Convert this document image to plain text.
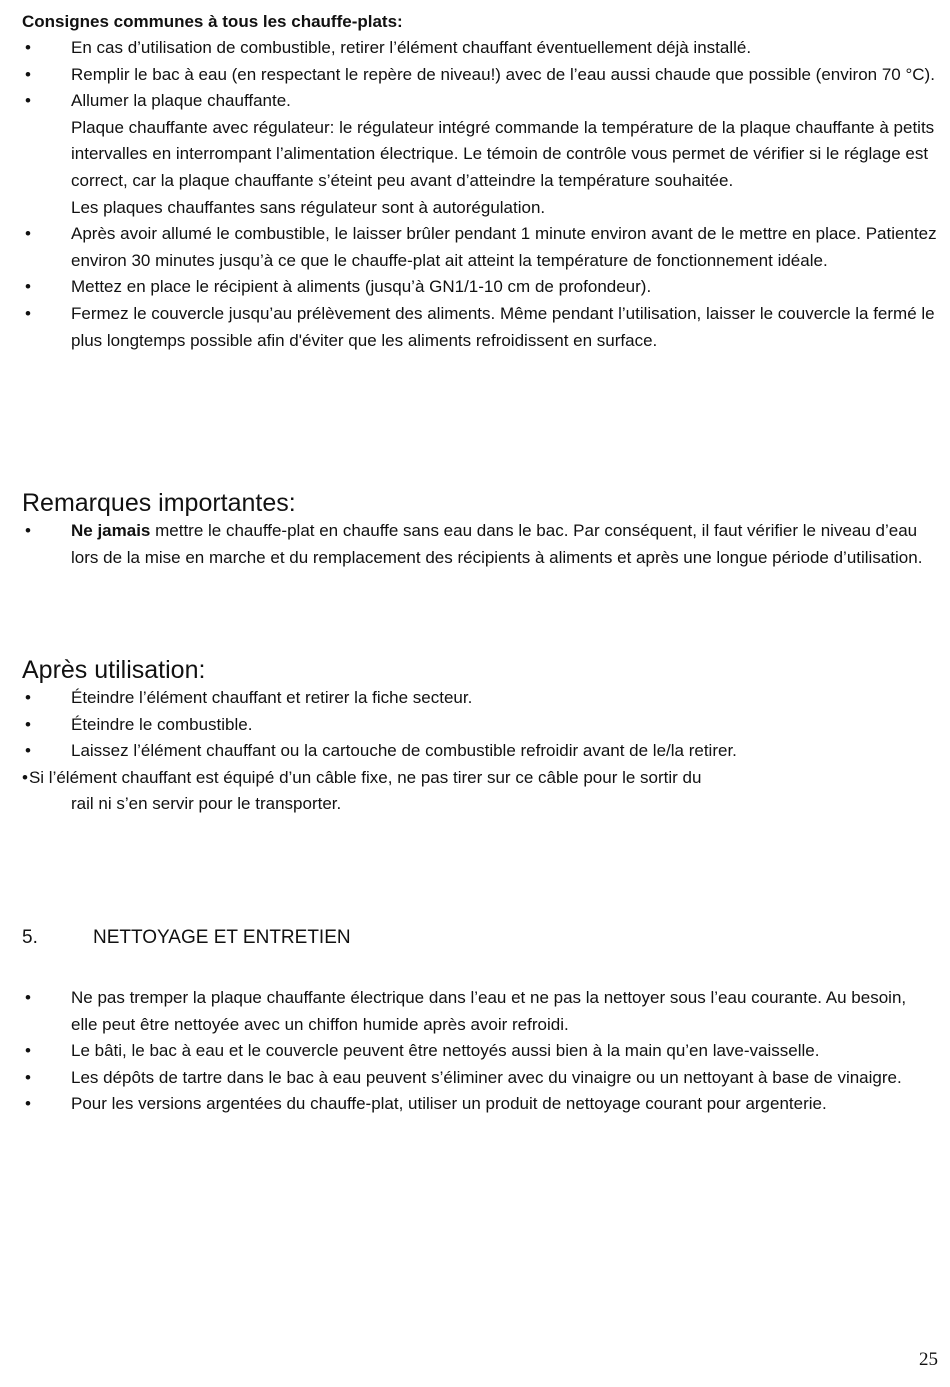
Consignes communes à tous les chauffe-plats:

• En cas d’utilisation de combustible, retirer l’élément chauffant éventuellement déjà installé.
• Remplir le bac à eau (en respectant le repère de niveau!) avec de l’eau aussi chaude que possible (environ 70 °C).
• Allumer la plaque chauffante.
Plaque chauffante avec régulateur: le régulateur intégré commande la température de la plaque chauffante à petits intervalles en interrompant l’alimentation électrique. Le témoin de contrôle vous permet de vérifier si le réglage est correct, car la plaque chauffante s’éteint peu avant d’atteindre la température souhaitée.
Les plaques chauffantes sans régulateur sont à autorégulation.
• Après avoir allumé le combustible, le laisser brûler pendant 1 minute environ avant de le mettre en place. Patientez environ 30 minutes jusqu’à ce que le chauffe-plat ait atteint la température de fonctionnement idéale.
• Mettez en place le récipient à aliments (jusqu’à GN1/1-10 cm de profondeur).
• Fermez le couvercle jusqu’au prélèvement des aliments. Même pendant l’utilisation, laisser le couvercle la fermé le plus longtemps possible afin d'éviter que les aliments refroidissent en surface.
Remarques importantes:
• Ne jamais mettre le chauffe-plat en chauffe sans eau dans le bac. Par conséquent, il faut vérifier le niveau d’eau lors de la mise en marche et du remplacement des récipients à aliments et après une longue période d’utilisation.
Après utilisation:
• Éteindre l’élément chauffant et retirer la fiche secteur.
• Éteindre le combustible.
• Laissez l’élément chauffant ou la cartouche de combustible refroidir avant de le/la retirer.
•Si l’élément chauffant est équipé d’un câble fixe, ne pas tirer sur ce câble pour le sortir du
rail ni s’en servir pour le transporter.
5.	NETTOYAGE ET ENTRETIEN
• Ne pas tremper la plaque chauffante électrique dans l’eau et ne pas la nettoyer sous l’eau courante. Au besoin, elle peut être nettoyée avec un chiffon humide après avoir refroidi.
• Le bâti, le bac à eau et le couvercle peuvent être nettoyés aussi bien à la main qu’en lave-vaisselle.
• Les dépôts de tartre dans le bac à eau peuvent s’éliminer avec du vinaigre ou un nettoyant à base de vinaigre.
• Pour les versions argentées du chauffe-plat, utiliser un produit de nettoyage courant pour argenterie.
25
